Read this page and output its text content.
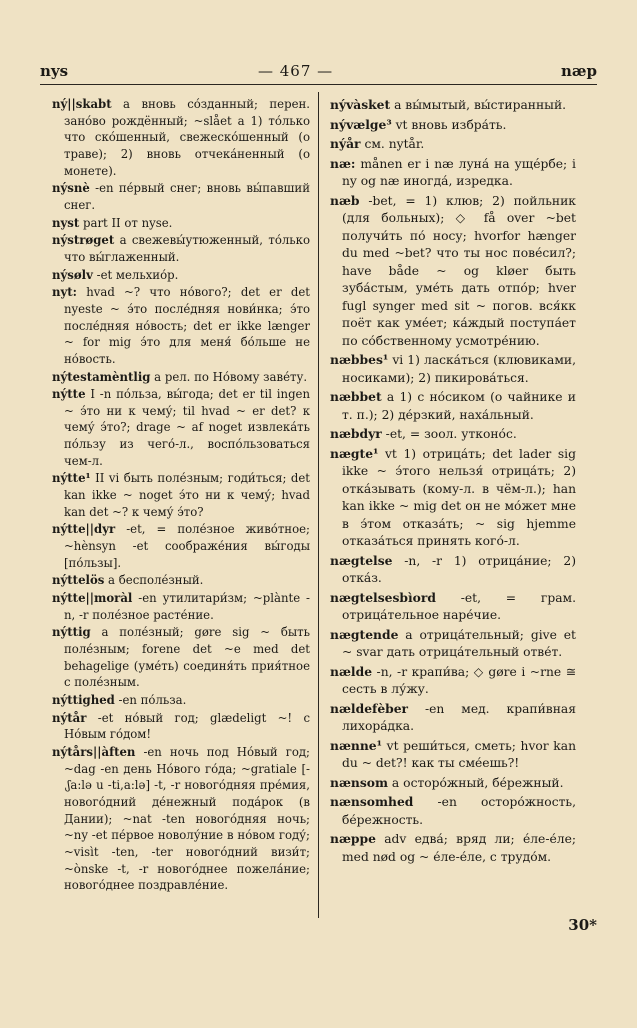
nys	— 467 —	næp
ný||skabt a вновь со́зданный; перен. зано́во рождённый; ~slået a 1) то́лько что ско́шенный, свежеско́шенный (о траве); 2) вновь отчека́ненный (о монете).
nýsnè -en пе́рвый снег; вновь вы́павший снег.
nyst part II от nyse.
nýstrøget a свежевы́утюженный, то́лько что вы́глаженный.
nýsølv -et мельхио́р.
nyt: hvad ~? что но́вого?; det er det nyeste ~ э́то после́дняя нови́нка; э́то после́дняя но́вость; det er ikke længer ~ for mig э́то для меня́ бо́льше не но́вость.
nýtestamèntlig a рел. по Но́вому заве́ту.
nýtte I -n по́льза, вы́года; det er til ingen ~ э́то ни к чему́; til hvad ~ er det? к чему́ э́то?; drage ~ af noget извлека́ть по́льзу из чего́-л., воспо́льзоваться чем-л.
nýtte¹ II vi быть поле́зным; годи́ться; det kan ikke ~ noget э́то ни к чему́; hvad kan det ~? к чему́ э́то?
nýtte||dyr -et, = поле́зное живо́тное; ~hènsyn -et соображе́ния вы́годы [по́льзы].
nýttelös a бесполе́зный.
nýtte||moràl -en утилитари́зм; ~plànte -n, -r поле́зное расте́ние.
nýttig a поле́зный; gøre sig ~ быть поле́зным; forene det ~e med det behagelige (уме́ть) соединя́ть прия́тное с поле́зным.
nýttighed -en по́льза.
nýtår -et но́вый год; glædeligt ~! с Но́вым го́дом!
nýtårs||àften -en ночь под Но́вый год; ~dag -en день Но́вого го́да; ~gratiale [-ˌʃa:lə u -ti,a:lə] -t, -r нового́дняя пре́мия, нового́дний де́нежный пода́рок (в Дании); ~nat -ten нового́дняя ночь; ~ny -et пе́рвое новолу́ние в но́вом году́; ~visìt -ten, -ter нового́дний визи́т; ~ònske -t, -r нового́днее пожела́ние; нового́днее поздравле́ние.
nývàsket a вы́мытый, вы́стиранный.
nývælge³ vt вновь избра́ть.
nýår см. nytår.
næ: månen er i næ луна́ на ущéрбе; i ny og næ иногда́, изредка.
næb -bet, = 1) клюв; 2) пойльник (для больных); ◇ få over ~bet получи́ть по́ носу; hvorfor hænger du med ~bet? что ты нос пове́сил?; have både ~ og kløer быть зуба́стым, уме́ть дать отпо́р; hver fugl synger med sit ~ погов. вся́кк поёт как уме́ет; ка́ждый поступа́ет по со́бственному усмотре́нию.
næbbes¹ vi 1) ласка́ться (клювиками, носиками); 2) пикирова́ться.
næbbet a 1) с но́сиком (о чайнике и т. п.); 2) де́рзкий, наха́льный.
næbdyr -et, = зоол. утконо́с.
nægte¹ vt 1) отрица́ть; det lader sig ikke ~ э́того нельзя́ отрица́ть; 2) отка́зывать (кому-л. в чём-л.); han kan ikke ~ mig det он не мо́жет мне в э́том отказа́ть; ~ sig hjemme отказа́ться принять кого́-л.
nægtelse -n, -r 1) отрица́ние; 2) отка́з.
nægtelsesbìord -et, = грам. отрица́тельное наре́чие.
nægtende a отрица́тельный; give et ~ svar дать отрица́тельный отве́т.
nælde -n, -r крапи́ва; ◇ gøre i ~rne ≅ сесть в лу́жу.
nældefèber -en мед. крапи́вная лихора́дка.
nænne¹ vt реши́ться, сметь; hvor kan du ~ det?! как ты сме́ешь?!
nænsom a осторо́жный, бе́режный.
nænsomhed -en осторо́жность, бе́режность.
næppe adv едва́; вряд ли; е́ле-е́ле; med nød og ~ е́ле-е́ле, с трудо́м.
30*
